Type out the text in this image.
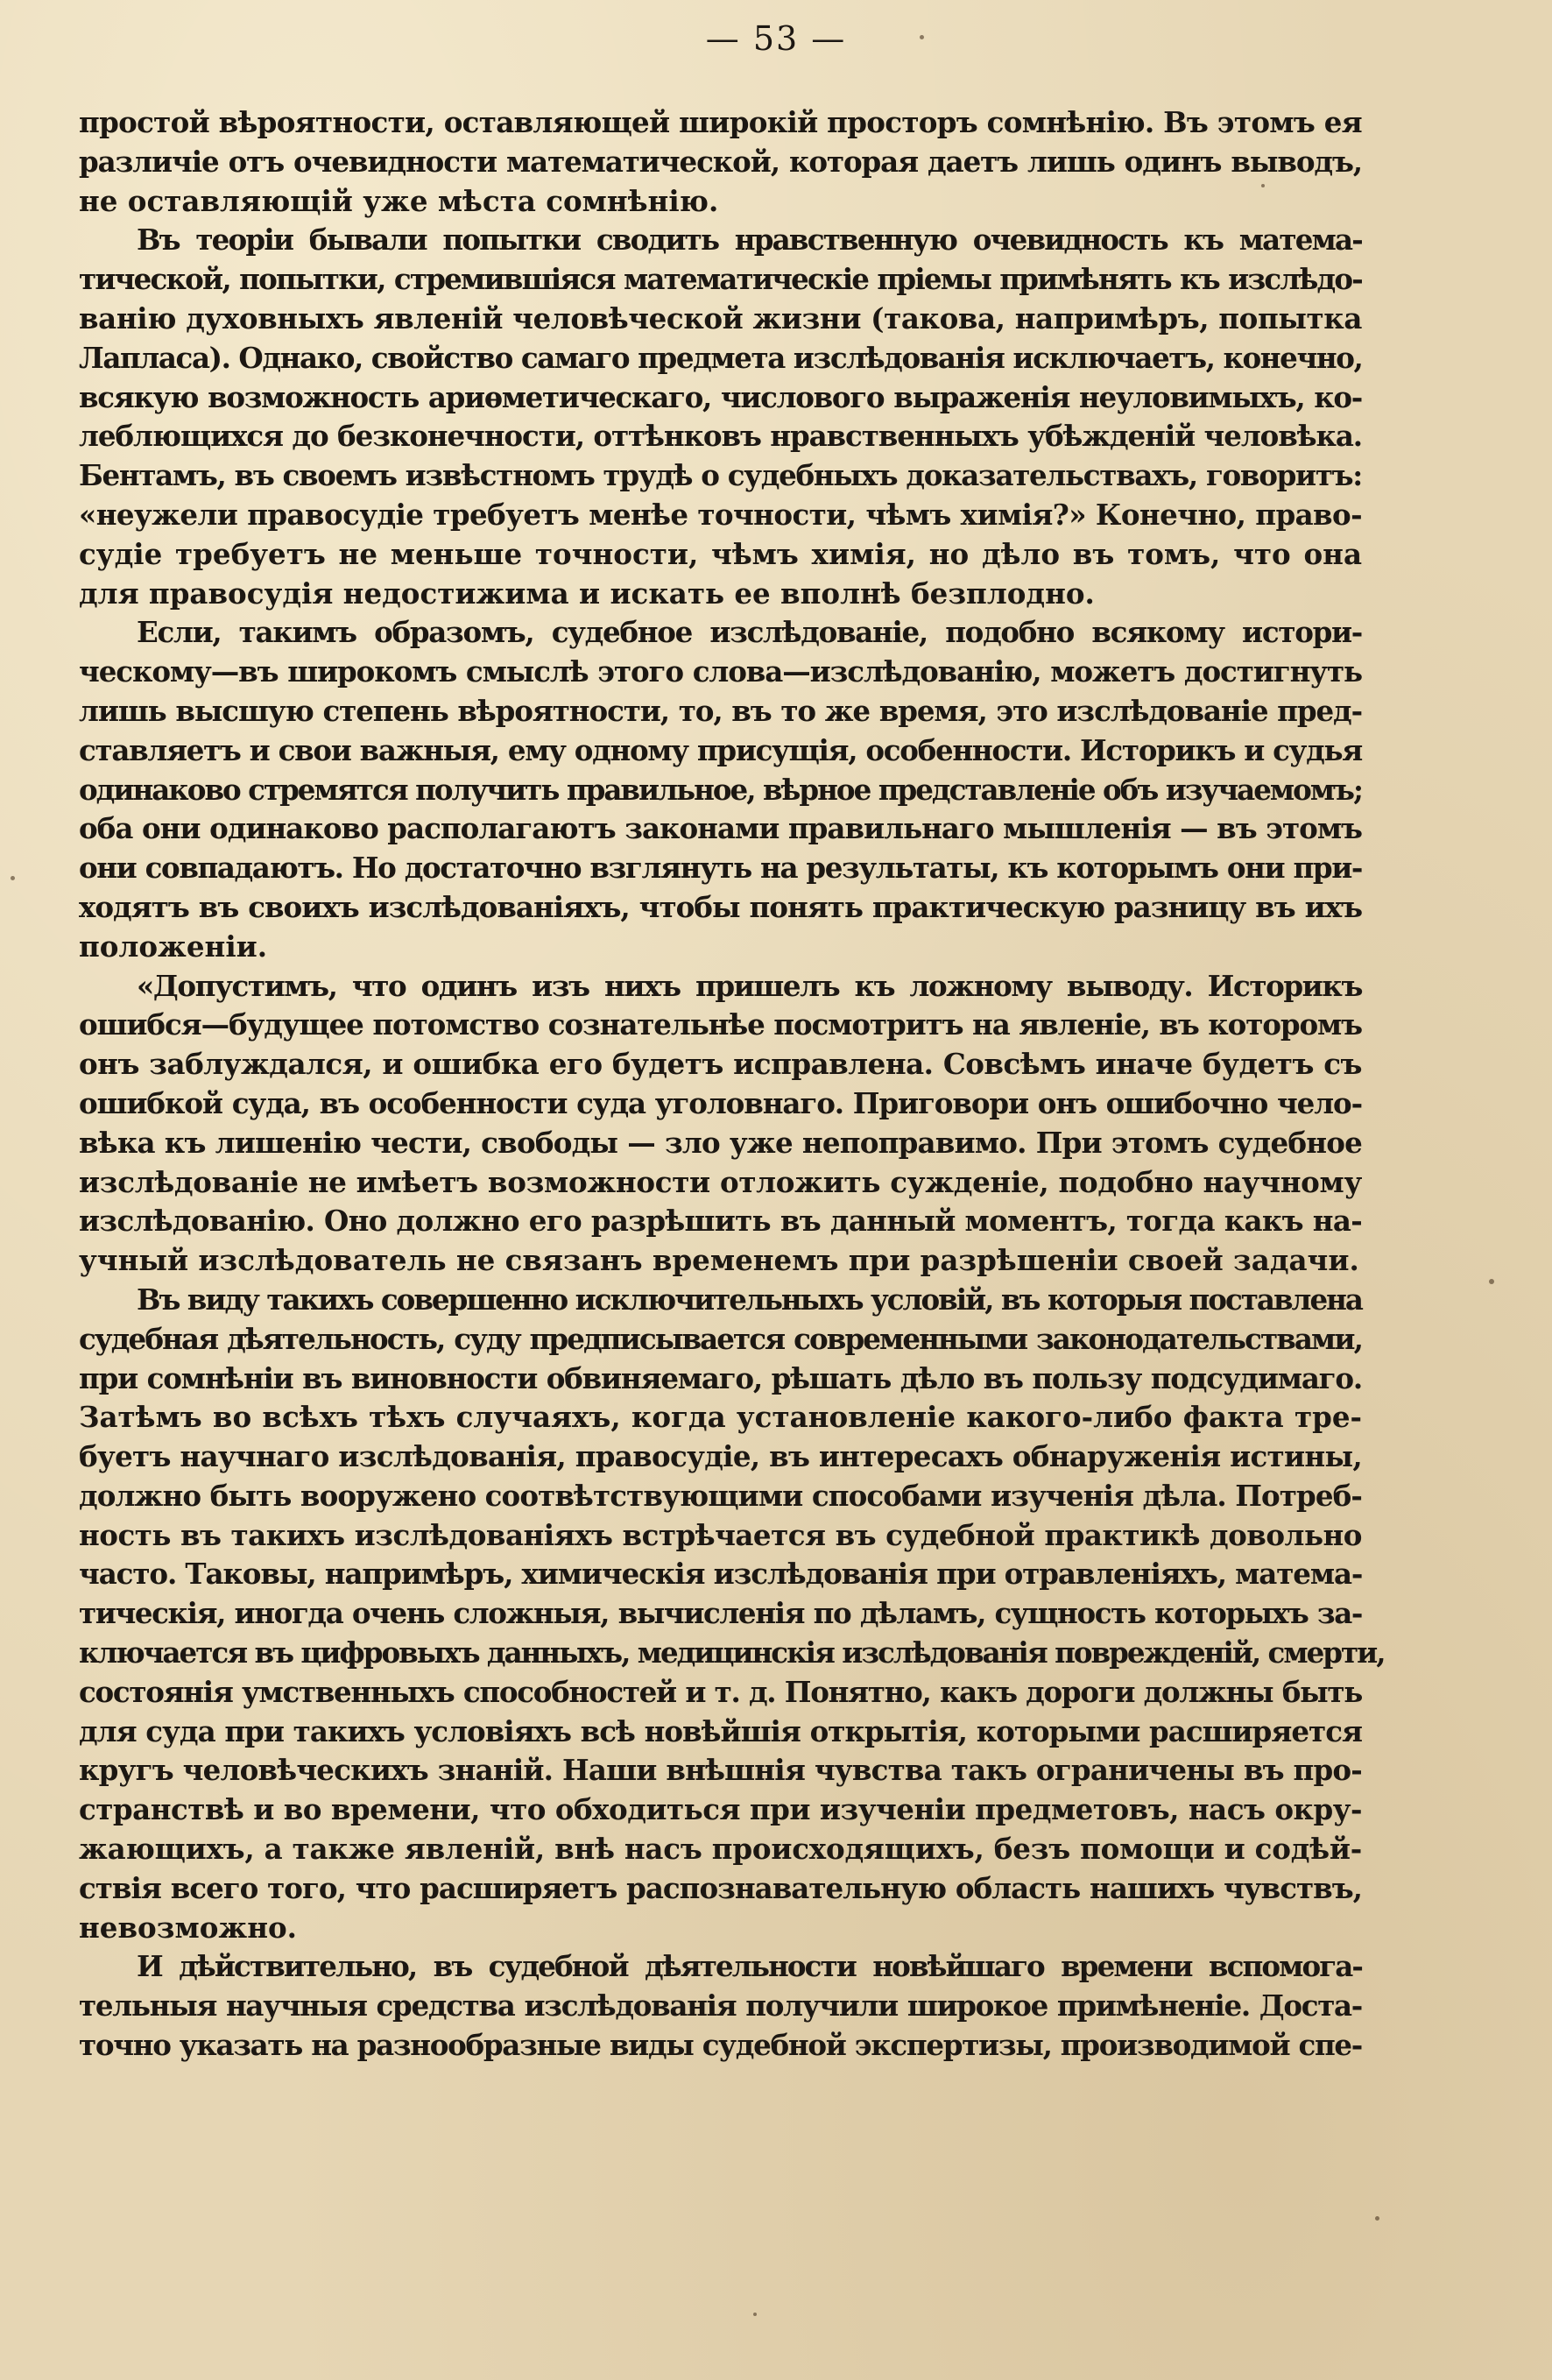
— 53 —
простой вѣроятности, оставляющей широкій просторъ сомнѣнію. Въ этомъ ея
различіе отъ очевидности математической, которая даетъ лишь одинъ выводъ,
не оставляющій уже мѣста сомнѣнію.
Въ теоріи бывали попытки сводить нравственную очевидность къ матема-
тической, попытки, стремившіяся математическіе пріемы примѣнять къ изслѣдо-
ванію духовныхъ явленій человѣческой жизни (такова, напримѣръ, попытка
Лапласа). Однако, свойство самаго предмета изслѣдованія исключаетъ, конечно,
всякую возможность ариѳметическаго, числового выраженія неуловимыхъ, ко-
леблющихся до безконечности, оттѣнковъ нравственныхъ убѣжденій человѣка.
Бентамъ, въ своемъ извѣстномъ трудѣ о судебныхъ доказательствахъ, говоритъ:
«неужели правосудіе требуетъ менѣе точности, чѣмъ химія?» Конечно, право-
судіе требуетъ не меньше точности, чѣмъ химія, но дѣло въ томъ, что она
для правосудія недостижима и искать ее вполнѣ безплодно.
Если, такимъ образомъ, судебное изслѣдованіе, подобно всякому истори-
ческому—въ широкомъ смыслѣ этого слова—изслѣдованію, можетъ достигнуть
лишь высшую степень вѣроятности, то, въ то же время, это изслѣдованіе пред-
ставляетъ и свои важныя, ему одному присущія, особенности. Историкъ и судья
одинаково стремятся получить правильное, вѣрное представленіе объ изучаемомъ;
оба они одинаково располагаютъ законами правильнаго мышленія — въ этомъ
они совпадаютъ. Но достаточно взглянуть на результаты, къ которымъ они при-
ходятъ въ своихъ изслѣдованіяхъ, чтобы понять практическую разницу въ ихъ
положеніи.
«Допустимъ, что одинъ изъ нихъ пришелъ къ ложному выводу. Историкъ
ошибся—будущее потомство сознательнѣе посмотритъ на явленіе, въ которомъ
онъ заблуждался, и ошибка его будетъ исправлена. Совсѣмъ иначе будетъ съ
ошибкой суда, въ особенности суда уголовнаго. Приговори онъ ошибочно чело-
вѣка къ лишенію чести, свободы — зло уже непоправимо. При этомъ судебное
изслѣдованіе не имѣетъ возможности отложить сужденіе, подобно научному
изслѣдованію. Оно должно его разрѣшить въ данный моментъ, тогда какъ на-
учный изслѣдователь не связанъ временемъ при разрѣшеніи своей задачи.
Въ виду такихъ совершенно исключительныхъ условій, въ которыя поставлена
судебная дѣятельность, суду предписывается современными законодательствами,
при сомнѣніи въ виновности обвиняемаго, рѣшать дѣло въ пользу подсудимаго.
Затѣмъ во всѣхъ тѣхъ случаяхъ, когда установленіе какого-либо факта тре-
буетъ научнаго изслѣдованія, правосудіе, въ интересахъ обнаруженія истины,
должно быть вооружено соотвѣтствующими способами изученія дѣла. Потреб-
ность въ такихъ изслѣдованіяхъ встрѣчается въ судебной практикѣ довольно
часто. Таковы, напримѣръ, химическія изслѣдованія при отравленіяхъ, матема-
тическія, иногда очень сложныя, вычисленія по дѣламъ, сущность которыхъ за-
ключается въ цифровыхъ данныхъ, медицинскія изслѣдованія поврежденій, смерти,
состоянія умственныхъ способностей и т. д. Понятно, какъ дороги должны быть
для суда при такихъ условіяхъ всѣ новѣйшія открытія, которыми расширяется
кругъ человѣческихъ знаній. Наши внѣшнія чувства такъ ограничены въ про-
странствѣ и во времени, что обходиться при изученіи предметовъ, насъ окру-
жающихъ, а также явленій, внѣ насъ происходящихъ, безъ помощи и содѣй-
ствія всего того, что расширяетъ распознавательную область нашихъ чувствъ,
невозможно.
И дѣйствительно, въ судебной дѣятельности новѣйшаго времени вспомога-
тельныя научныя средства изслѣдованія получили широкое примѣненіе. Доста-
точно указать на разнообразные виды судебной экспертизы, производимой спе-
